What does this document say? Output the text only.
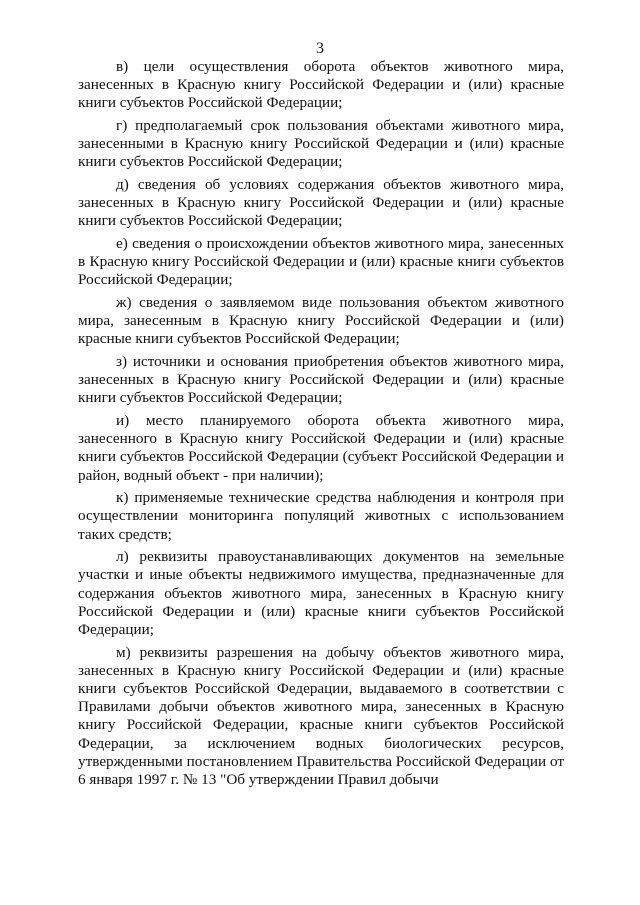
3

в) цели осуществления оборота объектов животного мира, занесенных в Красную книгу Российской Федерации и (или) красные книги субъектов Российской Федерации;

г) предполагаемый срок пользования объектами животного мира, занесенными в Красную книгу Российской Федерации и (или) красные книги субъектов Российской Федерации;

д) сведения об условиях содержания объектов животного мира, занесенных в Красную книгу Российской Федерации и (или) красные книги субъектов Российской Федерации;

е) сведения о происхождении объектов животного мира, занесенных в Красную книгу Российской Федерации и (или) красные книги субъектов Российской Федерации;

ж) сведения о заявляемом виде пользования объектом животного мира, занесенным в Красную книгу Российской Федерации и (или) красные книги субъектов Российской Федерации;

з) источники и основания приобретения объектов животного мира, занесенных в Красную книгу Российской Федерации и (или) красные книги субъектов Российской Федерации;

и) место планируемого оборота объекта животного мира, занесенного в Красную книгу Российской Федерации и (или) красные книги субъектов Российской Федерации (субъект Российской Федерации и район, водный объект - при наличии);

к) применяемые технические средства наблюдения и контроля при осуществлении мониторинга популяций животных с использованием таких средств;

л) реквизиты правоустанавливающих документов на земельные участки и иные объекты недвижимого имущества, предназначенные для содержания объектов животного мира, занесенных в Красную книгу Российской Федерации и (или) красные книги субъектов Российской Федерации;

м) реквизиты разрешения на добычу объектов животного мира, занесенных в Красную книгу Российской Федерации и (или) красные книги субъектов Российской Федерации, выдаваемого в соответствии с Правилами добычи объектов животного мира, занесенных в Красную книгу Российской Федерации, красные книги субъектов Российской Федерации, за исключением водных биологических ресурсов, утвержденными постановлением Правительства Российской Федерации от 6 января 1997 г. № 13 "Об утверждении Правил добычи
